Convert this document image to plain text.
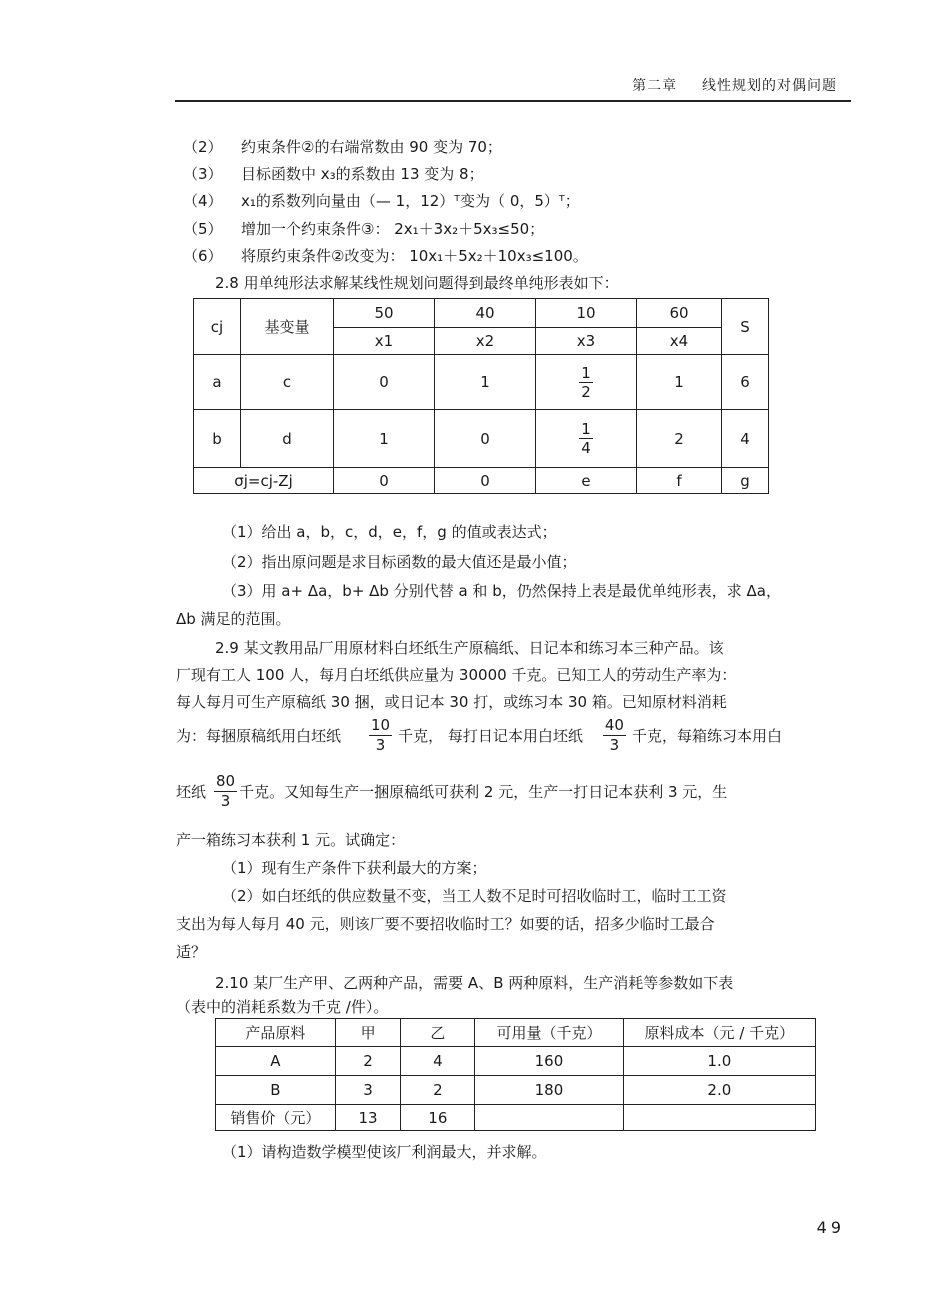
第二章 线性规划的对偶问题
（2） 约束条件②的右端常数由 90 变为 70；
（3） 目标函数中 x₃的系数由 13 变为 8；
（4） x₁的系数列向量由（— 1，12）ᵀ变为（ 0，5）ᵀ；
（5） 增加一个约束条件③： 2x₁＋3x₂＋5x₃≤50；
（6） 将原约束条件②改变为： 10x₁＋5x₂＋10x₃≤100。
2.8 用单纯形法求解某线性规划问题得到最终单纯形表如下：
cj	基变量	50	40	10	60	S
		x1	x2	x3	x4	
a	c	0	1	$\frac{1}{2}$	1	6
b	d	1	0	$\frac{1}{4}$	2	4
σj=cj-Zj		0	0	e	f	g
（1）给出 a，b，c，d，e，f，g 的值或表达式；
（2）指出原问题是求目标函数的最大值还是最小值；
（3）用 a+ Δa，b+ Δb 分别代替 a 和 b，仍然保持上表是最优单纯形表，求 Δa，
Δb 满足的范围。
2.9 某文教用品厂用原材料白坯纸生产原稿纸、日记本和练习本三种产品。该
厂现有工人 100 人，每月白坯纸供应量为 30000 千克。已知工人的劳动生产率为：
每人每月可生产原稿纸 30 捆，或日记本 30 打，或练习本 30 箱。已知原材料消耗
为：每捆原稿纸用白坯纸 $\frac{10}{3}$ 千克， 每打日记本用白坯纸 $\frac{40}{3}$ 千克，每箱练习本用白
坯纸 $\frac{80}{3}$ 千克。又知每生产一捆原稿纸可获利 2 元，生产一打日记本获利 3 元，生
产一箱练习本获利 1 元。试确定：
（1）现有生产条件下获利最大的方案；
（2）如白坯纸的供应数量不变，当工人数不足时可招收临时工，临时工工资
支出为每人每月 40 元，则该厂要不要招收临时工？如要的话，招多少临时工最合
适？
2.10 某厂生产甲、乙两种产品，需要 A、B 两种原料，生产消耗等参数如下表
（表中的消耗系数为千克 /件）。
产品原料	甲	乙	可用量（千克）	原料成本（元 / 千克）
A	2	4	160	1.0
B	3	2	180	2.0
销售价（元）	13	16		
（1）请构造数学模型使该厂利润最大，并求解。
49
